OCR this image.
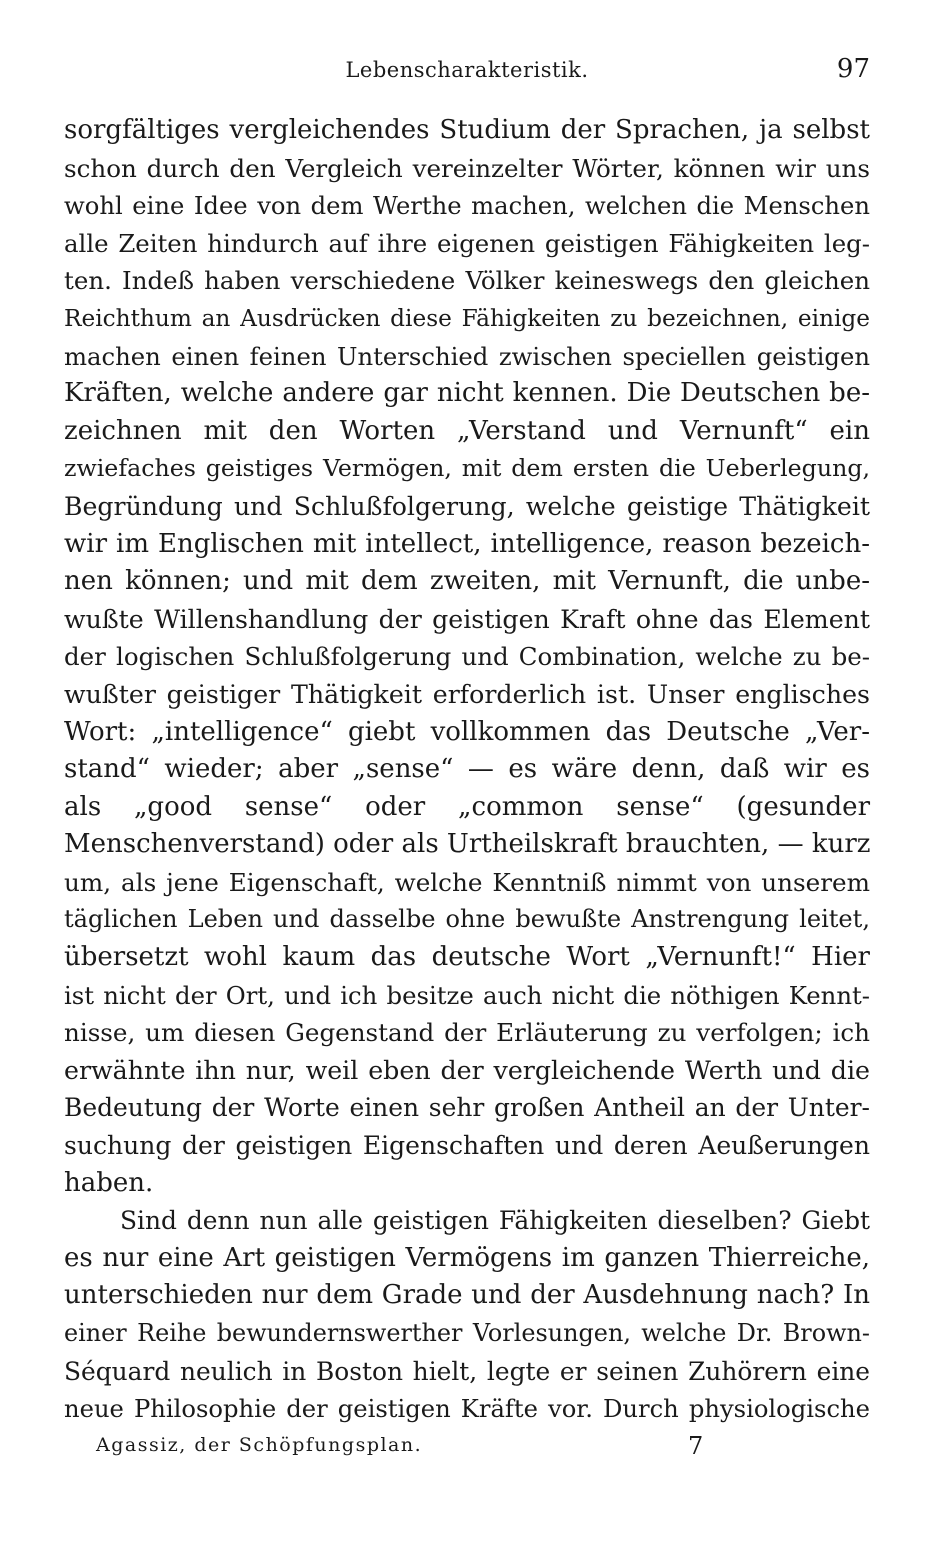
Lebenscharakteristik.	97
sorgfältiges vergleichendes Studium der Sprachen, ja selbst
schon durch den Vergleich vereinzelter Wörter, können wir uns
wohl eine Idee von dem Werthe machen, welchen die Menschen
alle Zeiten hindurch auf ihre eigenen geistigen Fähigkeiten leg-
ten. Indeß haben verschiedene Völker keineswegs den gleichen
Reichthum an Ausdrücken diese Fähigkeiten zu bezeichnen, einige
machen einen feinen Unterschied zwischen speciellen geistigen
Kräften, welche andere gar nicht kennen. Die Deutschen be-
zeichnen mit den Worten „Verstand und Vernunft“ ein
zwiefaches geistiges Vermögen, mit dem ersten die Ueberlegung,
Begründung und Schlußfolgerung, welche geistige Thätigkeit
wir im Englischen mit intellect, intelligence, reason bezeich-
nen können; und mit dem zweiten, mit Vernunft, die unbe-
wußte Willenshandlung der geistigen Kraft ohne das Element
der logischen Schlußfolgerung und Combination, welche zu be-
wußter geistiger Thätigkeit erforderlich ist. Unser englisches
Wort: „intelligence“ giebt vollkommen das Deutsche „Ver-
stand“ wieder; aber „sense“ — es wäre denn, daß wir es
als „good sense“ oder „common sense“ (gesunder
Menschenverstand) oder als Urtheilskraft brauchten, — kurz
um, als jene Eigenschaft, welche Kenntniß nimmt von unserem
täglichen Leben und dasselbe ohne bewußte Anstrengung leitet,
übersetzt wohl kaum das deutsche Wort „Vernunft!“ Hier
ist nicht der Ort, und ich besitze auch nicht die nöthigen Kennt-
nisse, um diesen Gegenstand der Erläuterung zu verfolgen; ich
erwähnte ihn nur, weil eben der vergleichende Werth und die
Bedeutung der Worte einen sehr großen Antheil an der Unter-
suchung der geistigen Eigenschaften und deren Aeußerungen
haben.
Sind denn nun alle geistigen Fähigkeiten dieselben? Giebt
es nur eine Art geistigen Vermögens im ganzen Thierreiche,
unterschieden nur dem Grade und der Ausdehnung nach? In
einer Reihe bewundernswerther Vorlesungen, welche Dr. Brown-
Séquard neulich in Boston hielt, legte er seinen Zuhörern eine
neue Philosophie der geistigen Kräfte vor. Durch physiologische
Agassiz, der Schöpfungsplan.	7
